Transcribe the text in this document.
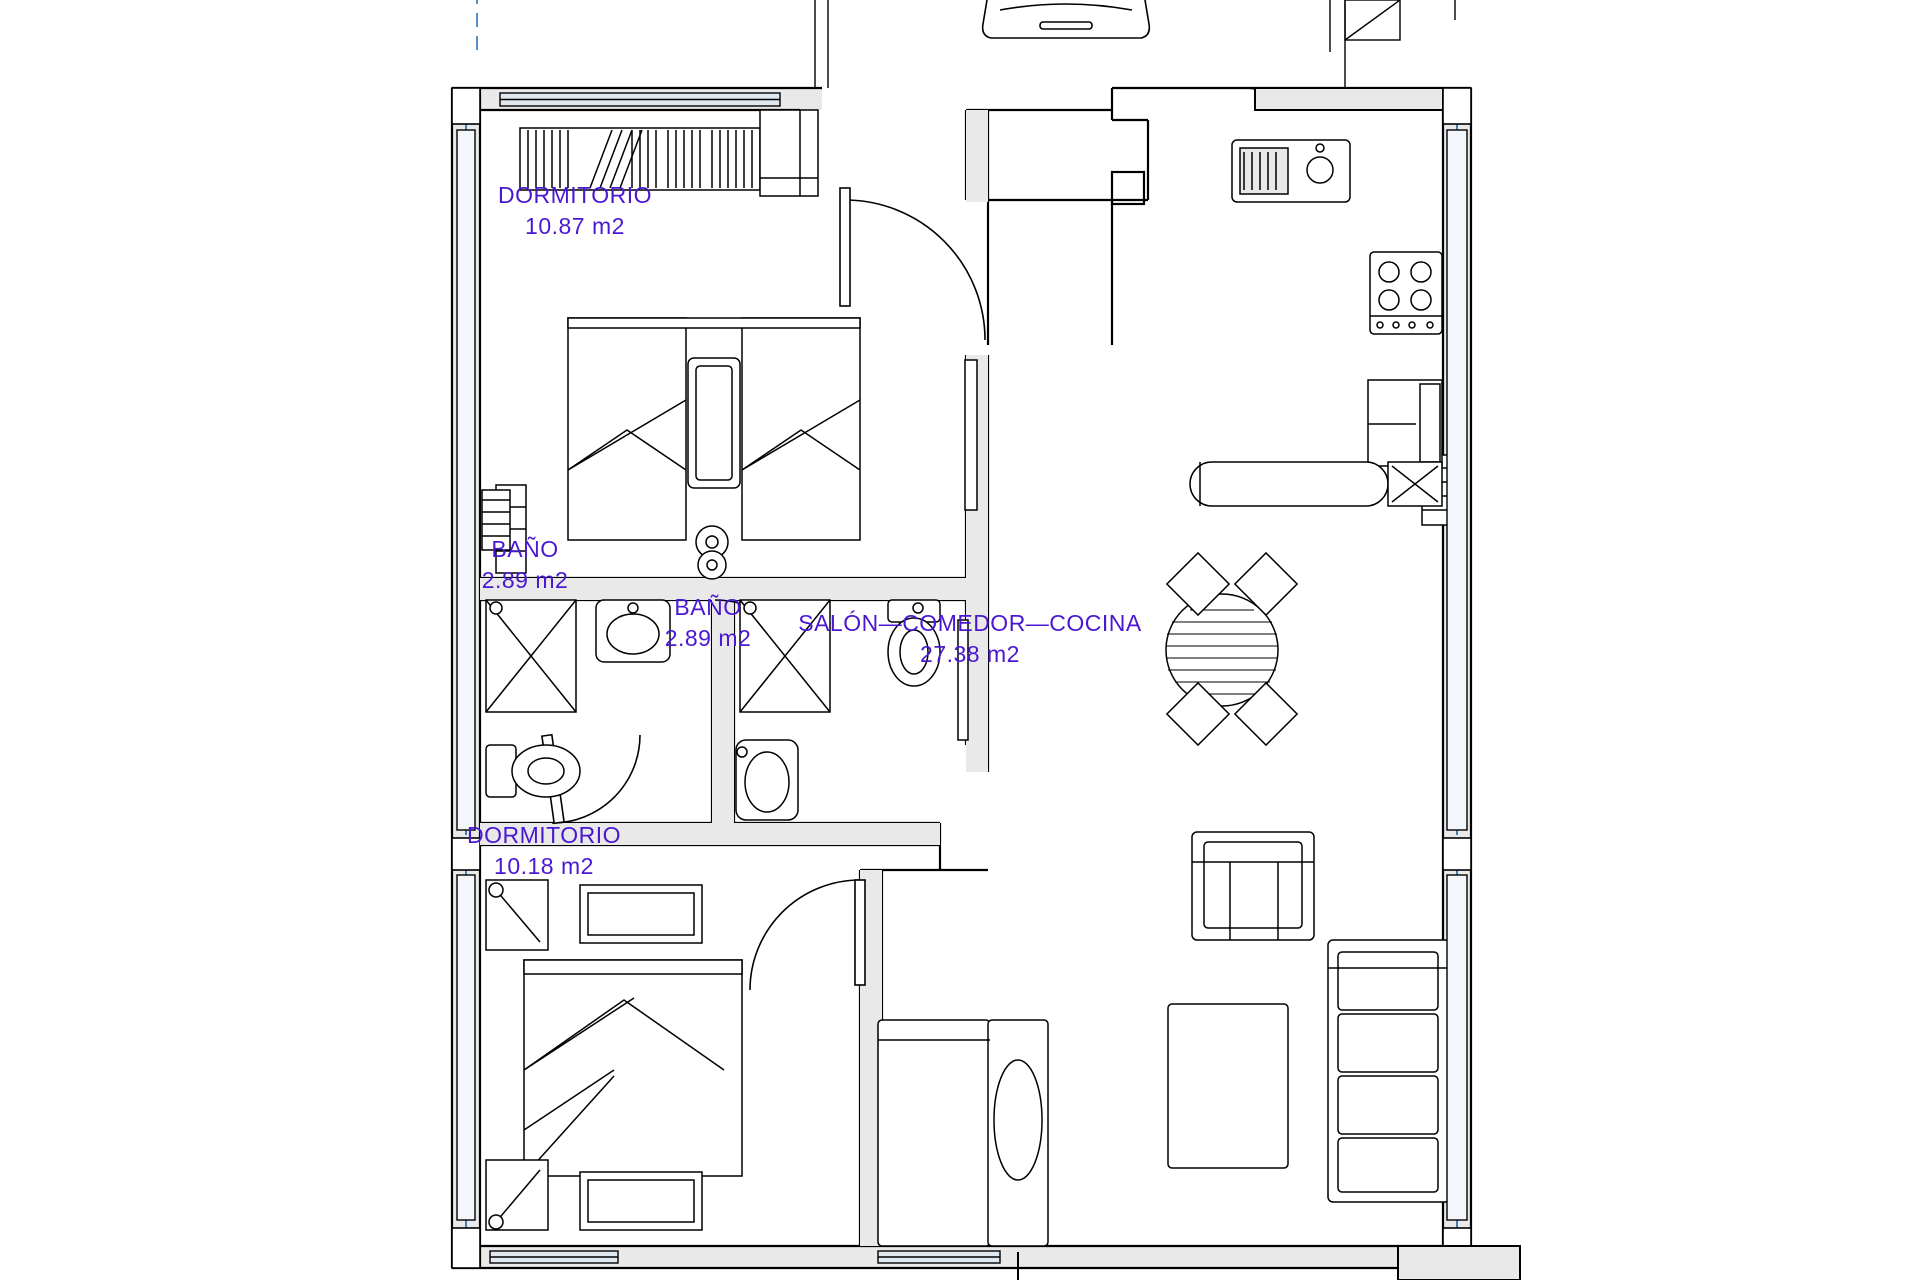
DORMITORIO
10.87 m2
BAÑO
2.89 m2
BAÑO
2.89 m2
SALÓN—COMEDOR—COCINA
27.38 m2
DORMITORIO
10.18 m2
